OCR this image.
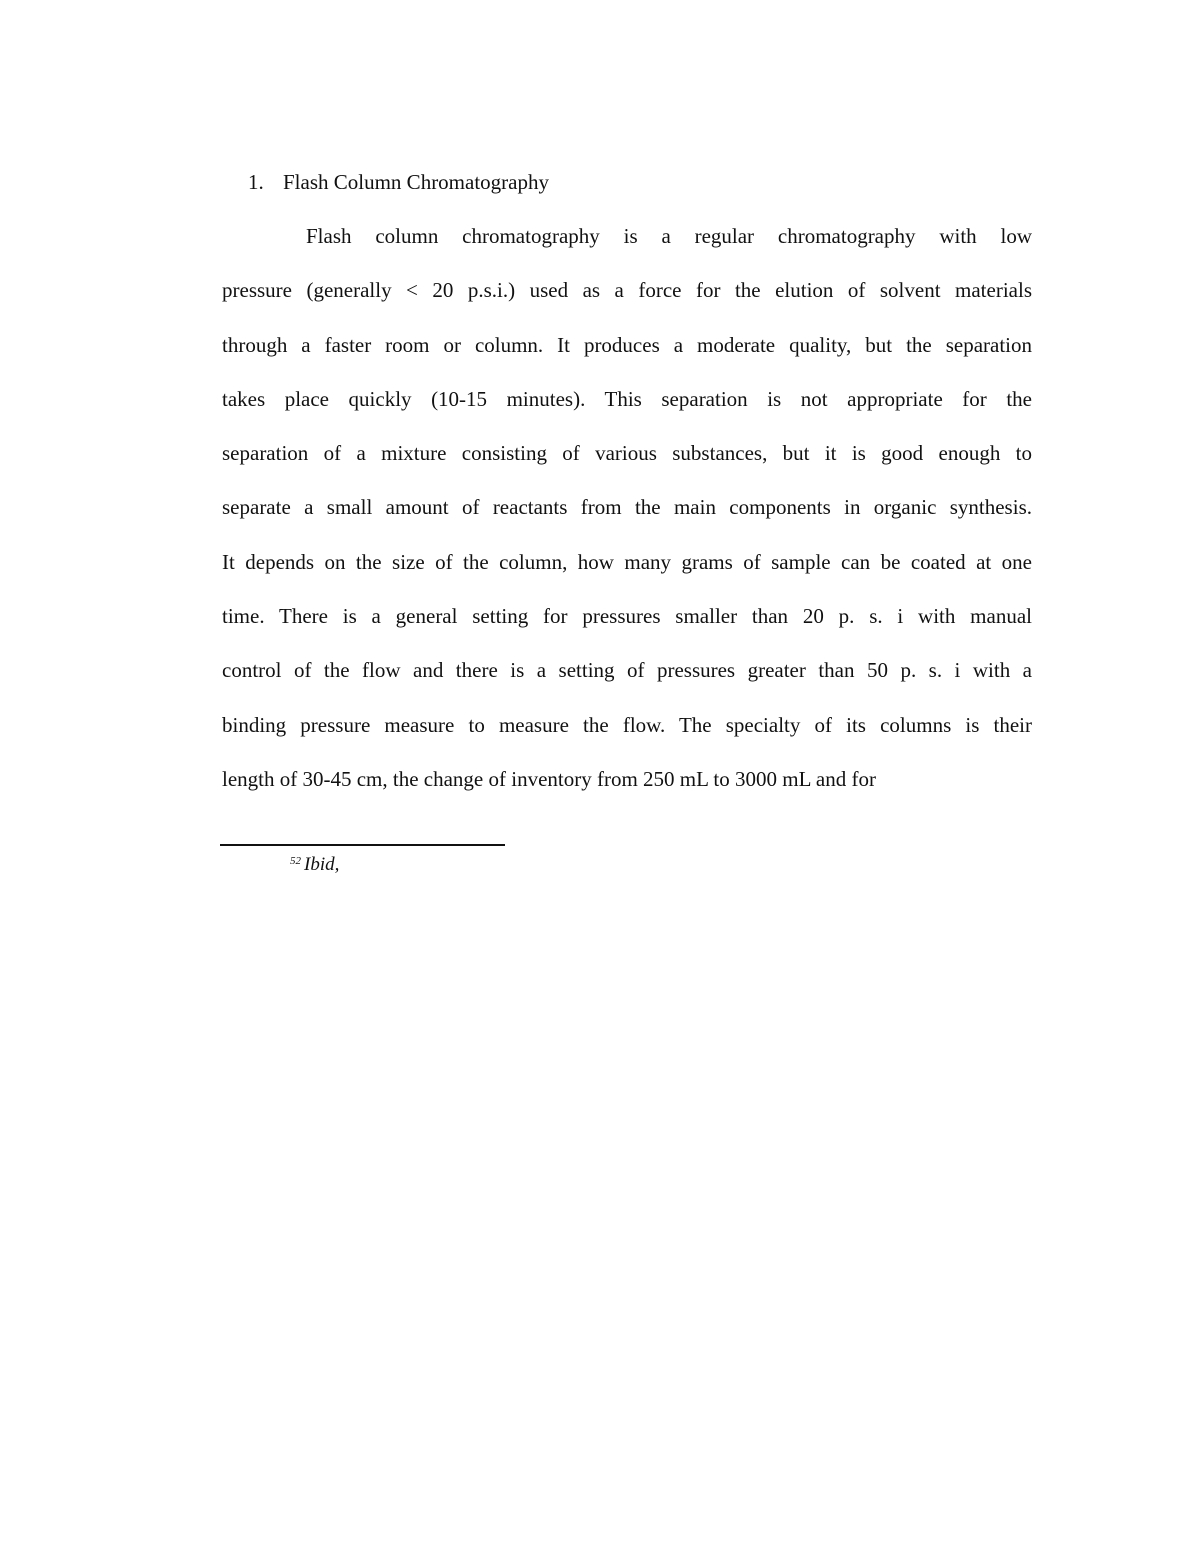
1. Flash Column Chromatography
Flash column chromatography is a regular chromatography with low
pressure (generally < 20 p.s.i.) used as a force for the elution of solvent materials
through a faster room or column. It produces a moderate quality, but the separation
takes place quickly (10-15 minutes). This separation is not appropriate for the
separation of a mixture consisting of various substances, but it is good enough to
separate a small amount of reactants from the main components in organic synthesis.
It depends on the size of the column, how many grams of sample can be coated at one
time. There is a general setting for pressures smaller than 20 p. s. i with manual
control of the flow and there is a setting of pressures greater than 50 p. s. i with a
binding pressure measure to measure the flow. The specialty of its columns is their
length of 30-45 cm, the change of inventory from 250 mL to 3000 mL and for
$^{52}$ Ibid,
